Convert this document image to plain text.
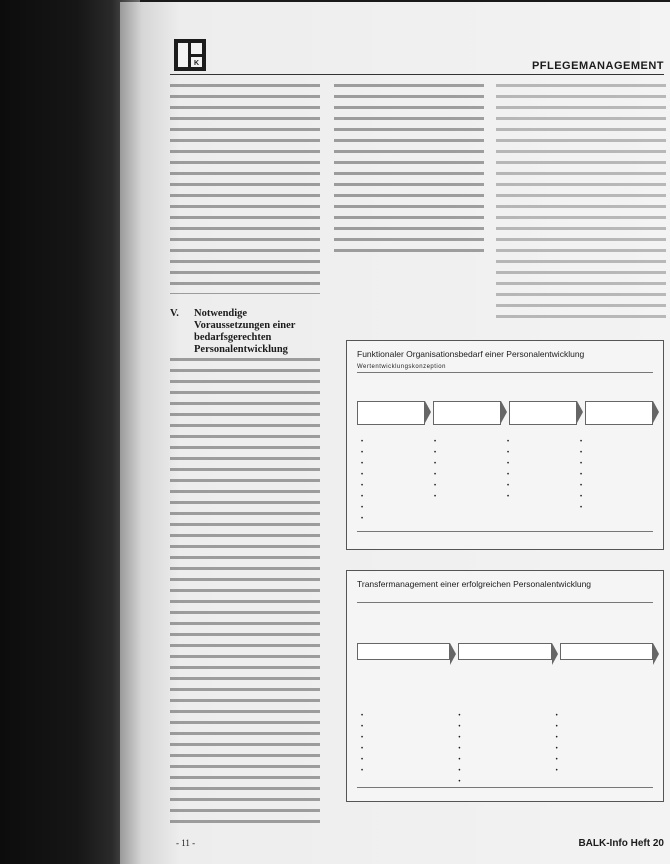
K	PFLEGEMANAGEMENT
V. Notwendige Voraussetzungen einer bedarfsgerechten Personalentwicklung	Funktionaler Organisationsbedarf einer Personalentwicklung
Wertentwicklungskonzeption

•
•
•
•
•
•
•
•
•
•
•
•
•
•
•
•
•
•
•
•
•
•
•
•
•
•
•
Transfermanagement einer erfolgreichen Personalentwicklung

•
•
•
•
•
•
•
•
•
•
•
•
•
•
•
•
•
•
•
- 11 -	BALK-Info Heft 20
